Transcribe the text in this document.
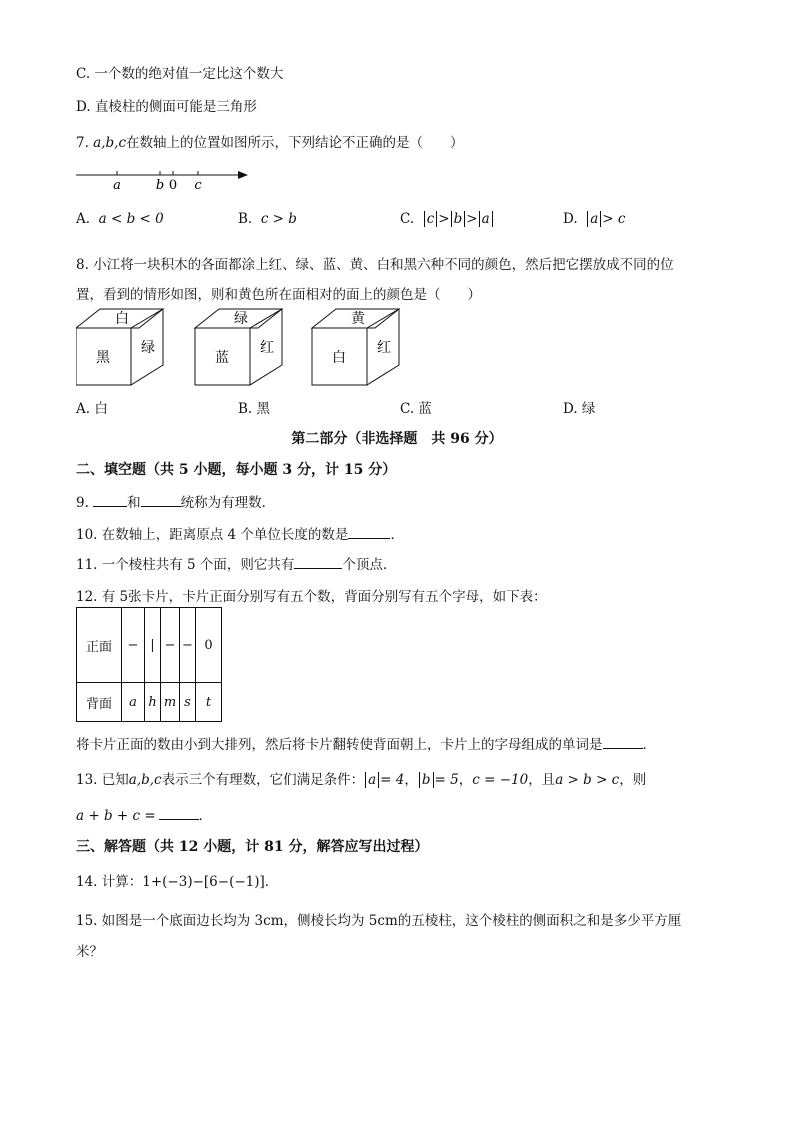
C. 一个数的绝对值一定比这个数大
D. 直棱柱的侧面可能是三角形
7. a,b,c在数轴上的位置如图所示，下列结论不正确的是（　　）
a	b 0 c
A. a < b < 0	B. c > b	C. c > b > a	D. a > c
8. 小江将一块积木的各面都涂上红、绿、蓝、黄、白和黑六种不同的颜色，然后把它摆放成不同的位
置，看到的情形如图，则和黄色所在面相对的面上的颜色是（　　）
白
黑
绿
绿
蓝
红
黄
白
红
A. 白	B. 黑	C. 蓝	D. 绿
第二部分（非选择题　共 96 分）
二、填空题（共 5 小题，每小题 3 分，计 15 分）
9.	和	统称为有理数．
10. 在数轴上，距离原点 4 个单位长度的数是	．
11. 一个棱柱共有 5 个面，则它共有	个顶点．
12. 有 5张卡片，卡片正面分别写有五个数，背面分别写有五个字母，如下表：
正面	−	|	−	−	0
背面	a	h	m	s	t
将卡片正面的数由小到大排列，然后将卡片翻转使背面朝上，卡片上的字母组成的单词是	．
13. 已知a,b,c表示三个有理数，它们满足条件： a = 4， b = 5，c = −10，且a > b > c，则
a + b + c =	．
三、解答题（共 12 小题，计 81 分，解答应写出过程）
14. 计算：1+(−3)−[6−(−1)]．
15. 如图是一个底面边长均为 3cm，侧棱长均为 5cm的五棱柱，这个棱柱的侧面积之和是多少平方厘
米？
